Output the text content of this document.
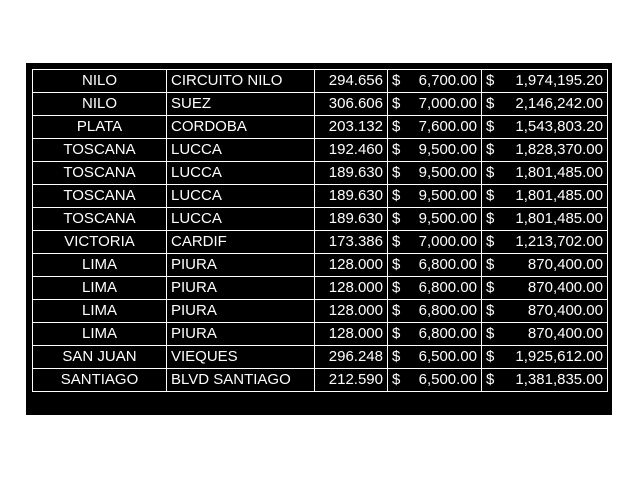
NILO	CIRCUITO NILO	294.656	$ 6,700.00	$ 1,974,195.20

NILO	SUEZ	306.606	$ 7,000.00	$ 2,146,242.00

PLATA	CORDOBA	203.132	$ 7,600.00	$ 1,543,803.20

TOSCANA	LUCCA	192.460	$ 9,500.00	$ 1,828,370.00

TOSCANA	LUCCA	189.630	$ 9,500.00	$ 1,801,485.00

TOSCANA	LUCCA	189.630	$ 9,500.00	$ 1,801,485.00

TOSCANA	LUCCA	189.630	$ 9,500.00	$ 1,801,485.00

VICTORIA	CARDIF	173.386	$ 7,000.00	$ 1,213,702.00

LIMA	PIURA	128.000	$ 6,800.00	$ 870,400.00

LIMA	PIURA	128.000	$ 6,800.00	$ 870,400.00

LIMA	PIURA	128.000	$ 6,800.00	$ 870,400.00

LIMA	PIURA	128.000	$ 6,800.00	$ 870,400.00

SAN JUAN	VIEQUES	296.248	$ 6,500.00	$ 1,925,612.00

SANTIAGO	BLVD SANTIAGO	212.590	$ 6,500.00	$ 1,381,835.00
